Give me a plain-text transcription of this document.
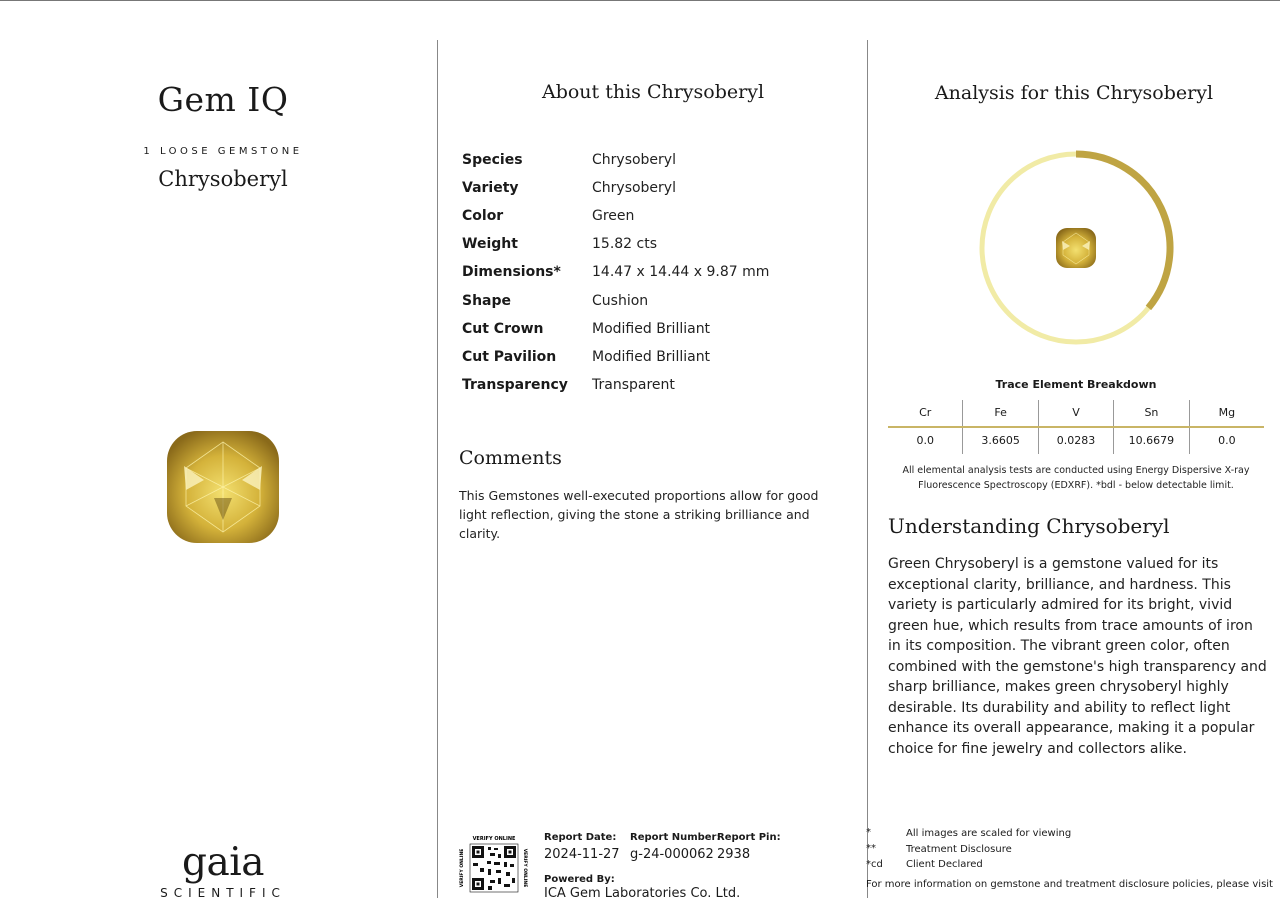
Gem IQ
1 LOOSE GEMSTONE
Chrysoberyl
gaia
SCIENTIFIC
About this Chrysoberyl
Species	Chrysoberyl
Variety	Chrysoberyl
Color	Green
Weight	15.82 cts
Dimensions*	14.47 x 14.44 x 9.87 mm
Shape	Cushion
Cut Crown	Modified Brilliant
Cut Pavilion	Modified Brilliant
Transparency	Transparent
Comments
This Gemstones well-executed proportions allow for good light reflection, giving the stone a striking brilliance and clarity.
VERIFY ONLINE
VERIFY ONLINE	VERIFY ONLINE
Report Date:
2024-11-27
Report Number:
g-24-000062
Report Pin:
2938
Powered By:
ICA Gem Laboratories Co. Ltd.
Analysis for this Chrysoberyl
Trace Element Breakdown
Cr	Fe	V	Sn	Mg
0.0	3.6605	0.0283	10.6679	0.0
All elemental analysis tests are conducted using Energy Dispersive X-ray Fluorescence Spectroscopy (EDXRF). *bdl - below detectable limit.
Understanding Chrysoberyl
Green Chrysoberyl is a gemstone valued for its exceptional clarity, brilliance, and hardness. This variety is particularly admired for its bright, vivid green hue, which results from trace amounts of iron in its composition. The vibrant green color, often combined with the gemstone's high transparency and sharp brilliance, makes green chrysoberyl highly desirable. Its durability and ability to reflect light enhance its overall appearance, making it a popular choice for fine jewelry and collectors alike.
*	All images are scaled for viewing
**	Treatment Disclosure
*cd Client Declared
For more information on gemstone and treatment disclosure policies, please visit
